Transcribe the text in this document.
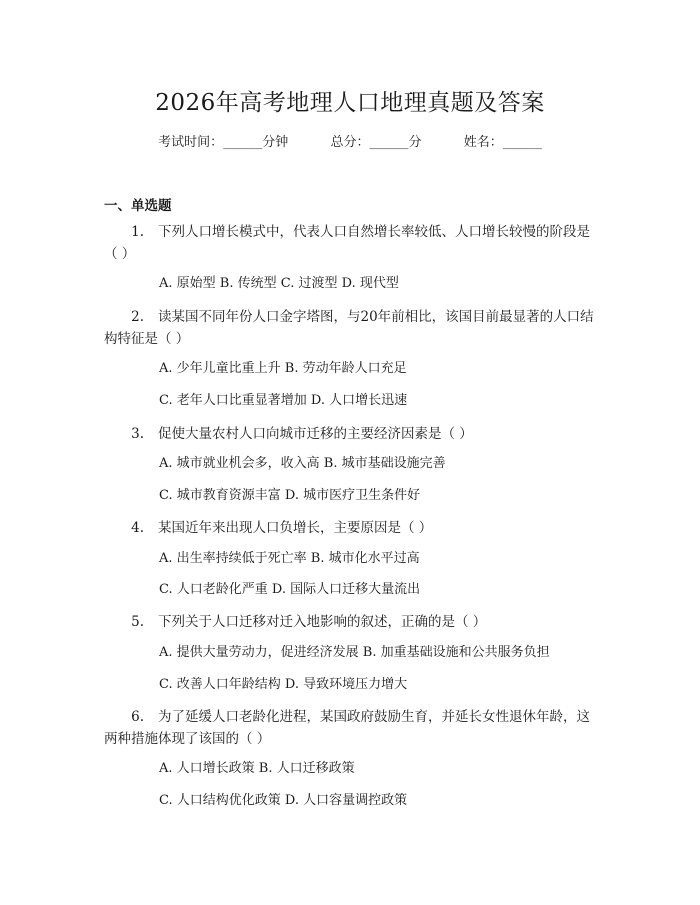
2026年高考地理人口地理真题及答案
考试时间：______分钟	总分：______分	姓名：______
一、单选题
1. 下列人口增长模式中，代表人口自然增长率较低、人口增长较慢的阶段是（ ）
A. 原始型 B. 传统型 C. 过渡型 D. 现代型
2. 读某国不同年份人口金字塔图，与20年前相比，该国目前最显著的人口结构特征是（ ）
A. 少年儿童比重上升 B. 劳动年龄人口充足
C. 老年人口比重显著增加 D. 人口增长迅速
3. 促使大量农村人口向城市迁移的主要经济因素是（ ）
A. 城市就业机会多，收入高 B. 城市基础设施完善
C. 城市教育资源丰富 D. 城市医疗卫生条件好
4. 某国近年来出现人口负增长，主要原因是（ ）
A. 出生率持续低于死亡率 B. 城市化水平过高
C. 人口老龄化严重 D. 国际人口迁移大量流出
5. 下列关于人口迁移对迁入地影响的叙述，正确的是（ ）
A. 提供大量劳动力，促进经济发展 B. 加重基础设施和公共服务负担
C. 改善人口年龄结构 D. 导致环境压力增大
6. 为了延缓人口老龄化进程，某国政府鼓励生育，并延长女性退休年龄，这两种措施体现了该国的（ ）
A. 人口增长政策 B. 人口迁移政策
C. 人口结构优化政策 D. 人口容量调控政策
